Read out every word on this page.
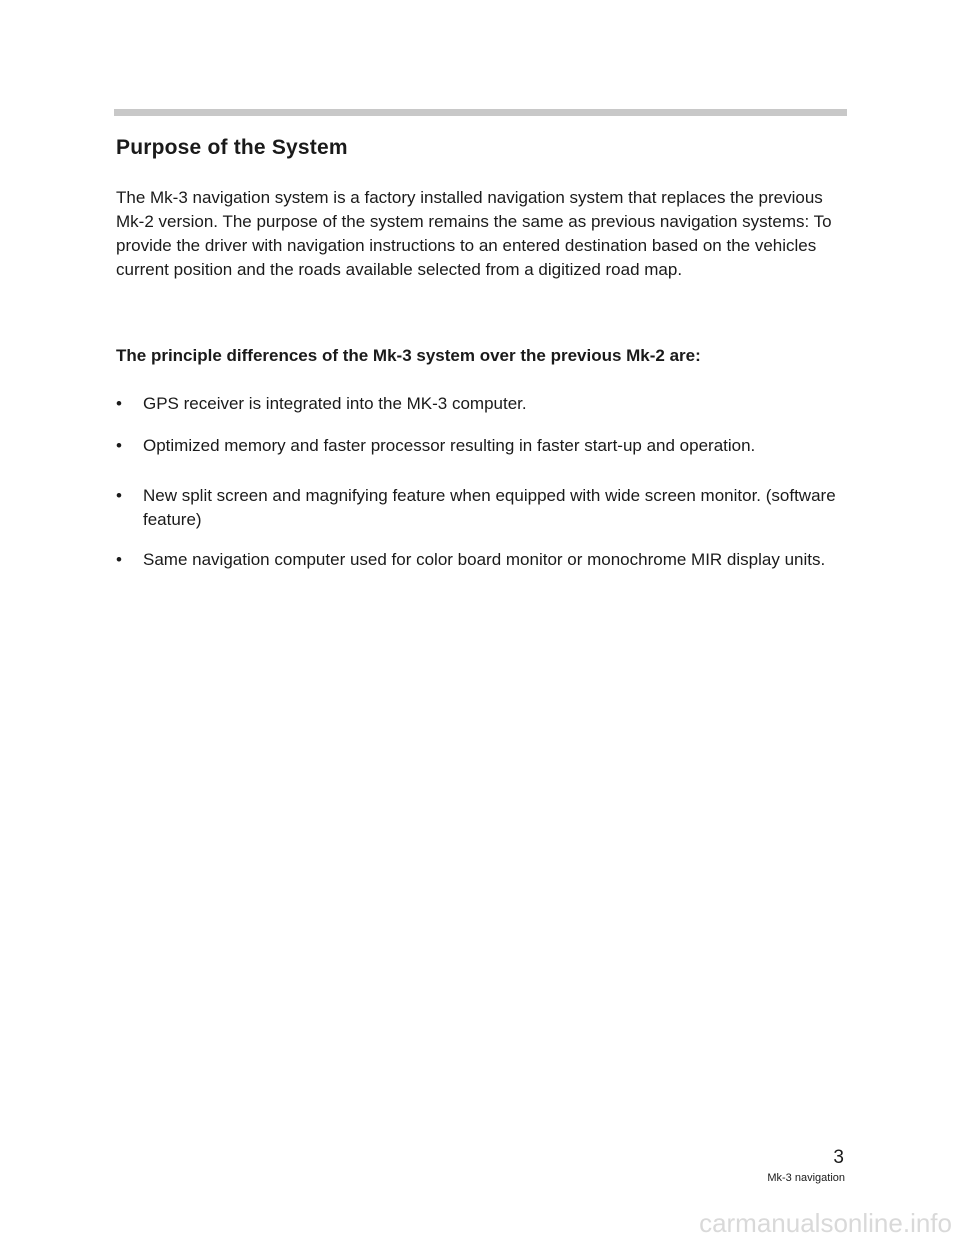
Purpose of the System

The Mk-3 navigation system is a factory installed navigation system that replaces the previous Mk-2 version. The purpose of the system remains the same as previous navigation systems: To provide the driver with navigation instructions to an entered destination based on the vehicles current position and the roads available selected from a digitized road map.

The principle differences of the Mk-3 system over the previous Mk-2 are:
• GPS receiver is integrated into the MK-3 computer.
• Optimized memory and faster processor resulting in faster start-up and operation.
• New split screen and magnifying feature when equipped with wide screen monitor. (software feature)
• Same navigation computer used for color board monitor or monochrome MIR display units.
3
Mk-3 navigation
carmanualsonline.info
